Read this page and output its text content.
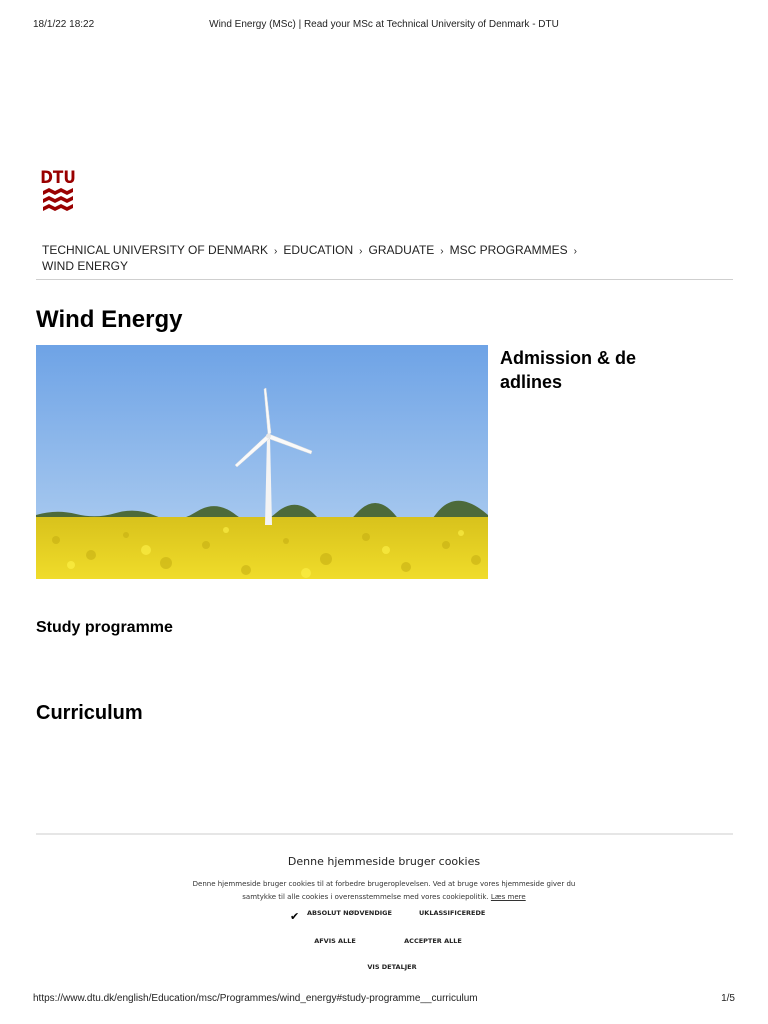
18/1/22 18:22	Wind Energy (MSc) | Read your MSc at Technical University of Denmark - DTU
DTU
TECHNICAL UNIVERSITY OF DENMARK › EDUCATION › GRADUATE › MSC PROGRAMMES ›WIND ENERGY
Wind Energy
Admission & de adlines
Study programme
Curriculum
Denne hjemmeside bruger cookies
Denne hjemmeside bruger cookies til at forbedre brugeroplevelsen. Ved at bruge vores hjemmeside giver du samtykke til alle cookies i overensstemmelse med vores cookiepolitik. Læs mere
✔ ABSOLUT NØDVENDIGE	UKLASSIFICEREDE
AFVIS ALLE	ACCEPTER ALLE
VIS DETALJER
https://www.dtu.dk/english/Education/msc/Programmes/wind_energy#study-programme__curriculum	1/5
